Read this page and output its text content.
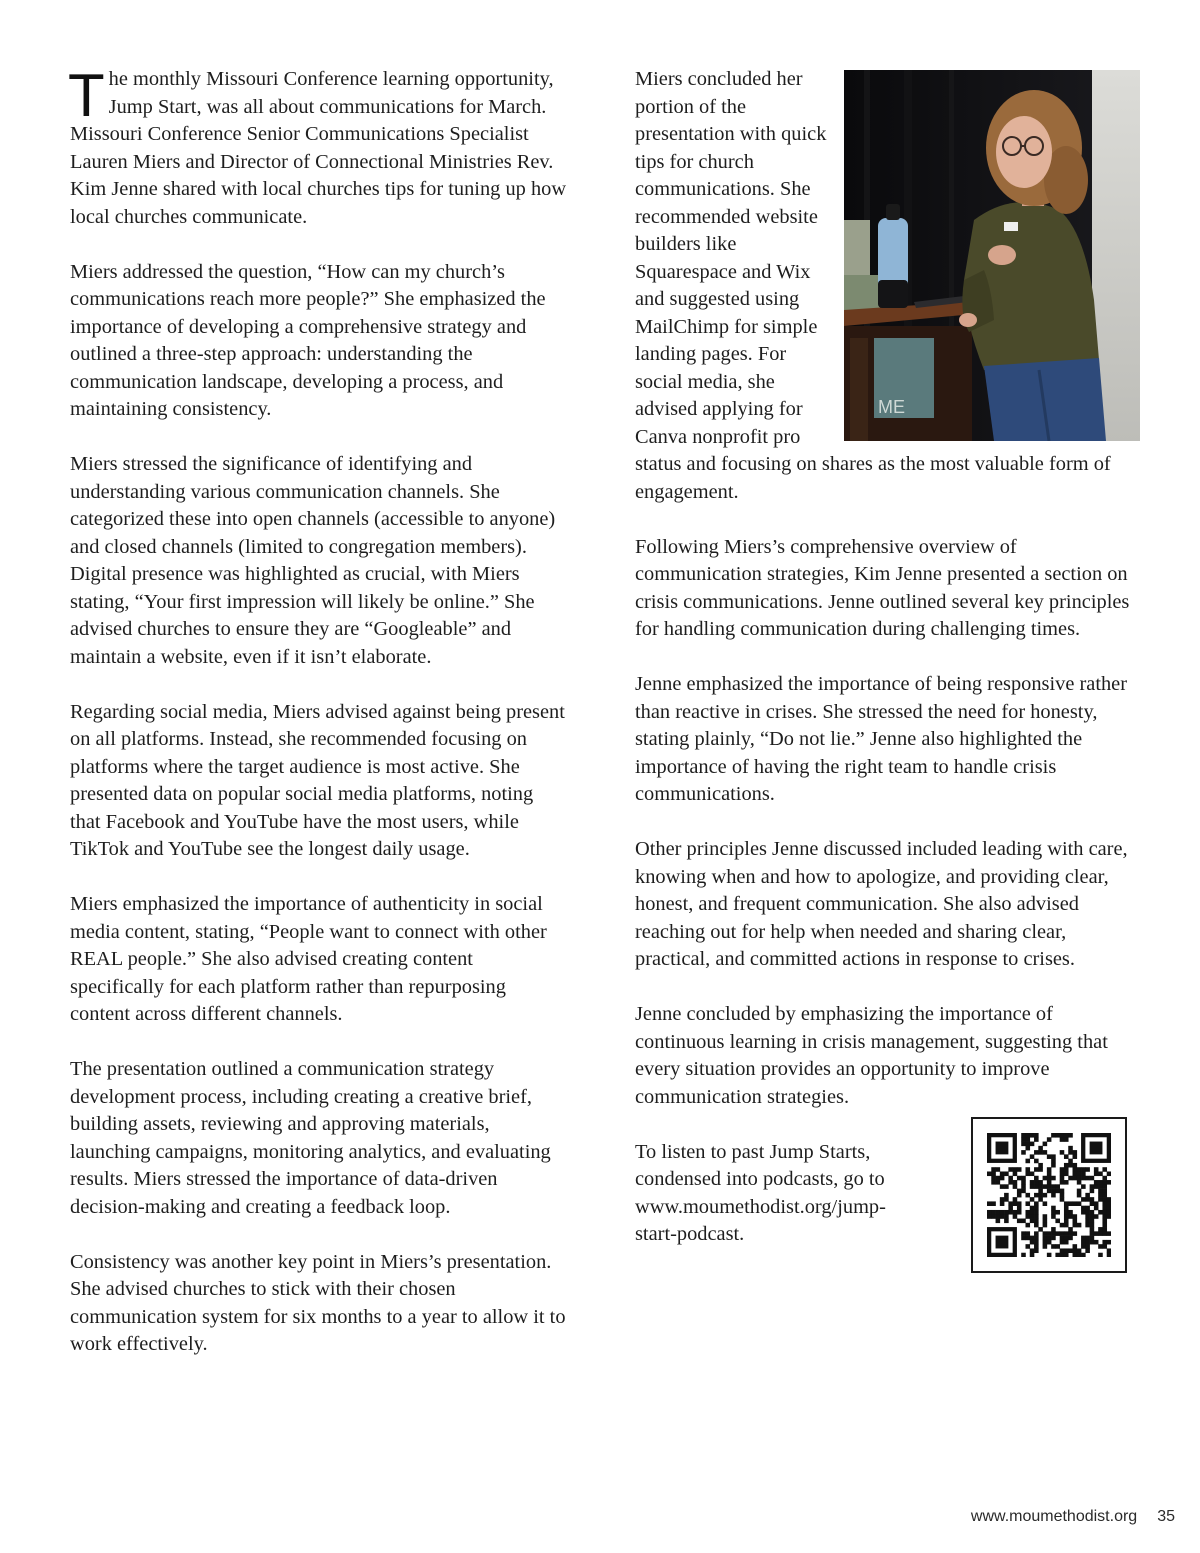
The monthly Missouri Conference learning opportunity, Jump Start, was all about communications for March. Missouri Conference Senior Communications Specialist Lauren Miers and Director of Connectional Ministries Rev. Kim Jenne shared with local churches tips for tuning up how local churches communicate.

Miers addressed the question, “How can my church’s communications reach more people?” She emphasized the importance of developing a comprehensive strategy and outlined a three-step approach: understanding the communication landscape, developing a process, and maintaining consistency.

Miers stressed the significance of identifying and understanding various communication channels. She categorized these into open channels (accessible to anyone) and closed channels (limited to congregation members). Digital presence was highlighted as crucial, with Miers stating, “Your first impression will likely be online.” She advised churches to ensure they are “Googleable” and maintain a website, even if it isn’t elaborate.

Regarding social media, Miers advised against being present on all platforms. Instead, she recommended focusing on platforms where the target audience is most active. She presented data on popular social media platforms, noting that Facebook and YouTube have the most users, while TikTok and YouTube see the longest daily usage.

Miers emphasized the importance of authenticity in social media content, stating, “People want to connect with other REAL people.” She also advised creating content specifically for each platform rather than repurposing content across different channels.

The presentation outlined a communication strategy development process, including creating a creative brief, building assets, reviewing and approving materials, launching campaigns, monitoring analytics, and evaluating results. Miers stressed the importance of data-driven decision-making and creating a feedback loop.

Consistency was another key point in Miers’s presentation. She advised churches to stick with their chosen communication system for six months to a year to allow it to work effectively.

ME

Miers concluded her portion of the presentation with quick tips for church communications. She recommended website builders like Squarespace and Wix and suggested using MailChimp for simple landing pages. For social media, she advised applying for Canva nonprofit pro status and focusing on shares as the most valuable form of engagement.

Following Miers’s comprehensive overview of communication strategies, Kim Jenne presented a section on crisis communications. Jenne outlined several key principles for handling communication during challenging times.

Jenne emphasized the importance of being responsive rather than reactive in crises. She stressed the need for honesty, stating plainly, “Do not lie.” Jenne also highlighted the importance of having the right team to handle crisis communications.

Other principles Jenne discussed included leading with care, knowing when and how to apologize, and providing clear, honest, and frequent communication. She also advised reaching out for help when needed and sharing clear, practical, and committed actions in response to crises.

Jenne concluded by emphasizing the importance of continuous learning in crisis management, suggesting that every situation provides an opportunity to improve communication strategies.

To listen to past Jump Starts, condensed into podcasts, go to www.moumethodist.org/jump-start-podcast.

www.moumethodist.org 35
